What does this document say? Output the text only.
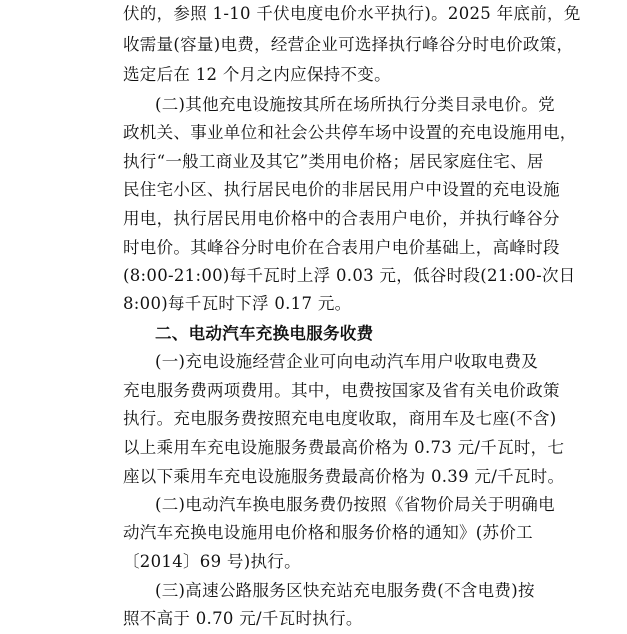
伏的，参照 1-10 千伏电度电价水平执行)。2025 年底前，免
收需量(容量)电费，经营企业可选择执行峰谷分时电价政策，
选定后在 12 个月之内应保持不变。
(二)其他充电设施按其所在场所执行分类目录电价。党
政机关、事业单位和社会公共停车场中设置的充电设施用电，
执行“一般工商业及其它”类用电价格；居民家庭住宅、居
民住宅小区、执行居民电价的非居民用户中设置的充电设施
用电，执行居民用电价格中的合表用户电价，并执行峰谷分
时电价。其峰谷分时电价在合表用户电价基础上，高峰时段
(8:00-21:00)每千瓦时上浮 0.03 元，低谷时段(21:00-次日
8:00)每千瓦时下浮 0.17 元。
二、电动汽车充换电服务收费
(一)充电设施经营企业可向电动汽车用户收取电费及
充电服务费两项费用。其中，电费按国家及省有关电价政策
执行。充电服务费按照充电电度收取，商用车及七座(不含)
以上乘用车充电设施服务费最高价格为 0.73 元/千瓦时，七
座以下乘用车充电设施服务费最高价格为 0.39 元/千瓦时。
(二)电动汽车换电服务费仍按照《省物价局关于明确电
动汽车充换电设施用电价格和服务价格的通知》(苏价工
〔2014〕69 号)执行。
(三)高速公路服务区快充站充电服务费(不含电费)按
照不高于 0.70 元/千瓦时执行。
